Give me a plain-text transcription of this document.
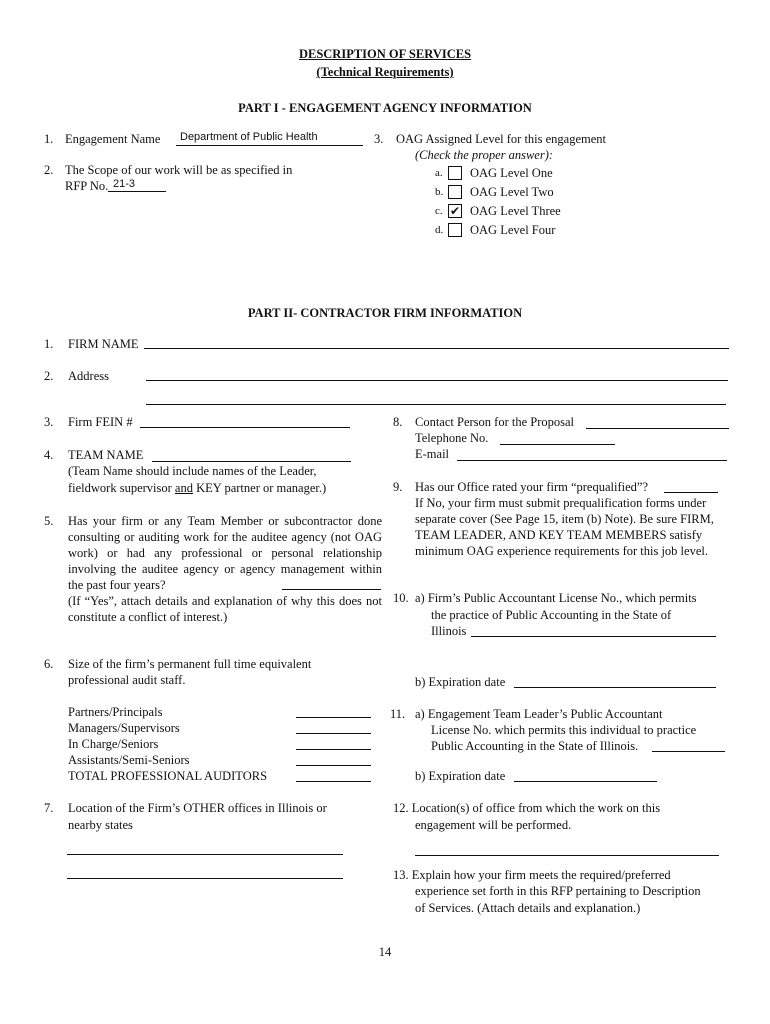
DESCRIPTION OF SERVICES
(Technical Requirements)
PART I - ENGAGEMENT AGENCY INFORMATION
1. Engagement Name Department of Public Health
2. The Scope of our work will be as specified in
RFP No. 21-3
3. OAG Assigned Level for this engagement
(Check the proper answer):
a. OAG Level One
b. OAG Level Two
c. ✔ OAG Level Three
d. OAG Level Four
PART II- CONTRACTOR FIRM INFORMATION
1. FIRM NAME
2. Address
3. Firm FEIN #
4. TEAM NAME
(Team Name should include names of the Leader,
fieldwork supervisor and KEY partner or manager.)
5. Has your firm or any Team Member or subcontractor done consulting or auditing work for the auditee agency (not OAG work) or had any professional or personal relationship involving the auditee agency or agency management within the past four years?
(If “Yes”, attach details and explanation of why this does not constitute a conflict of interest.)
6. Size of the firm’s permanent full time equivalent
professional audit staff.
Partners/Principals
Managers/Supervisors
In Charge/Seniors
Assistants/Semi-Seniors
TOTAL PROFESSIONAL AUDITORS
7. Location of the Firm’s OTHER offices in Illinois or
nearby states
8. Contact Person for the Proposal
Telephone No.
E-mail
9. Has our Office rated your firm “prequalified”?
If No, your firm must submit prequalification forms under separate cover (See Page 15, item (b) Note). Be sure FIRM, TEAM LEADER, AND KEY TEAM MEMBERS satisfy minimum OAG experience requirements for this job level.
10. a) Firm’s Public Accountant License No., which permits
the practice of Public Accounting in the State of
Illinois
b) Expiration date
11. a) Engagement Team Leader’s Public Accountant
License No. which permits this individual to practice
Public Accounting in the State of Illinois.
b) Expiration date
12. Location(s) of office from which the work on this
engagement will be performed.
13. Explain how your firm meets the required/preferred
experience set forth in this RFP pertaining to Description
of Services. (Attach details and explanation.)
14
